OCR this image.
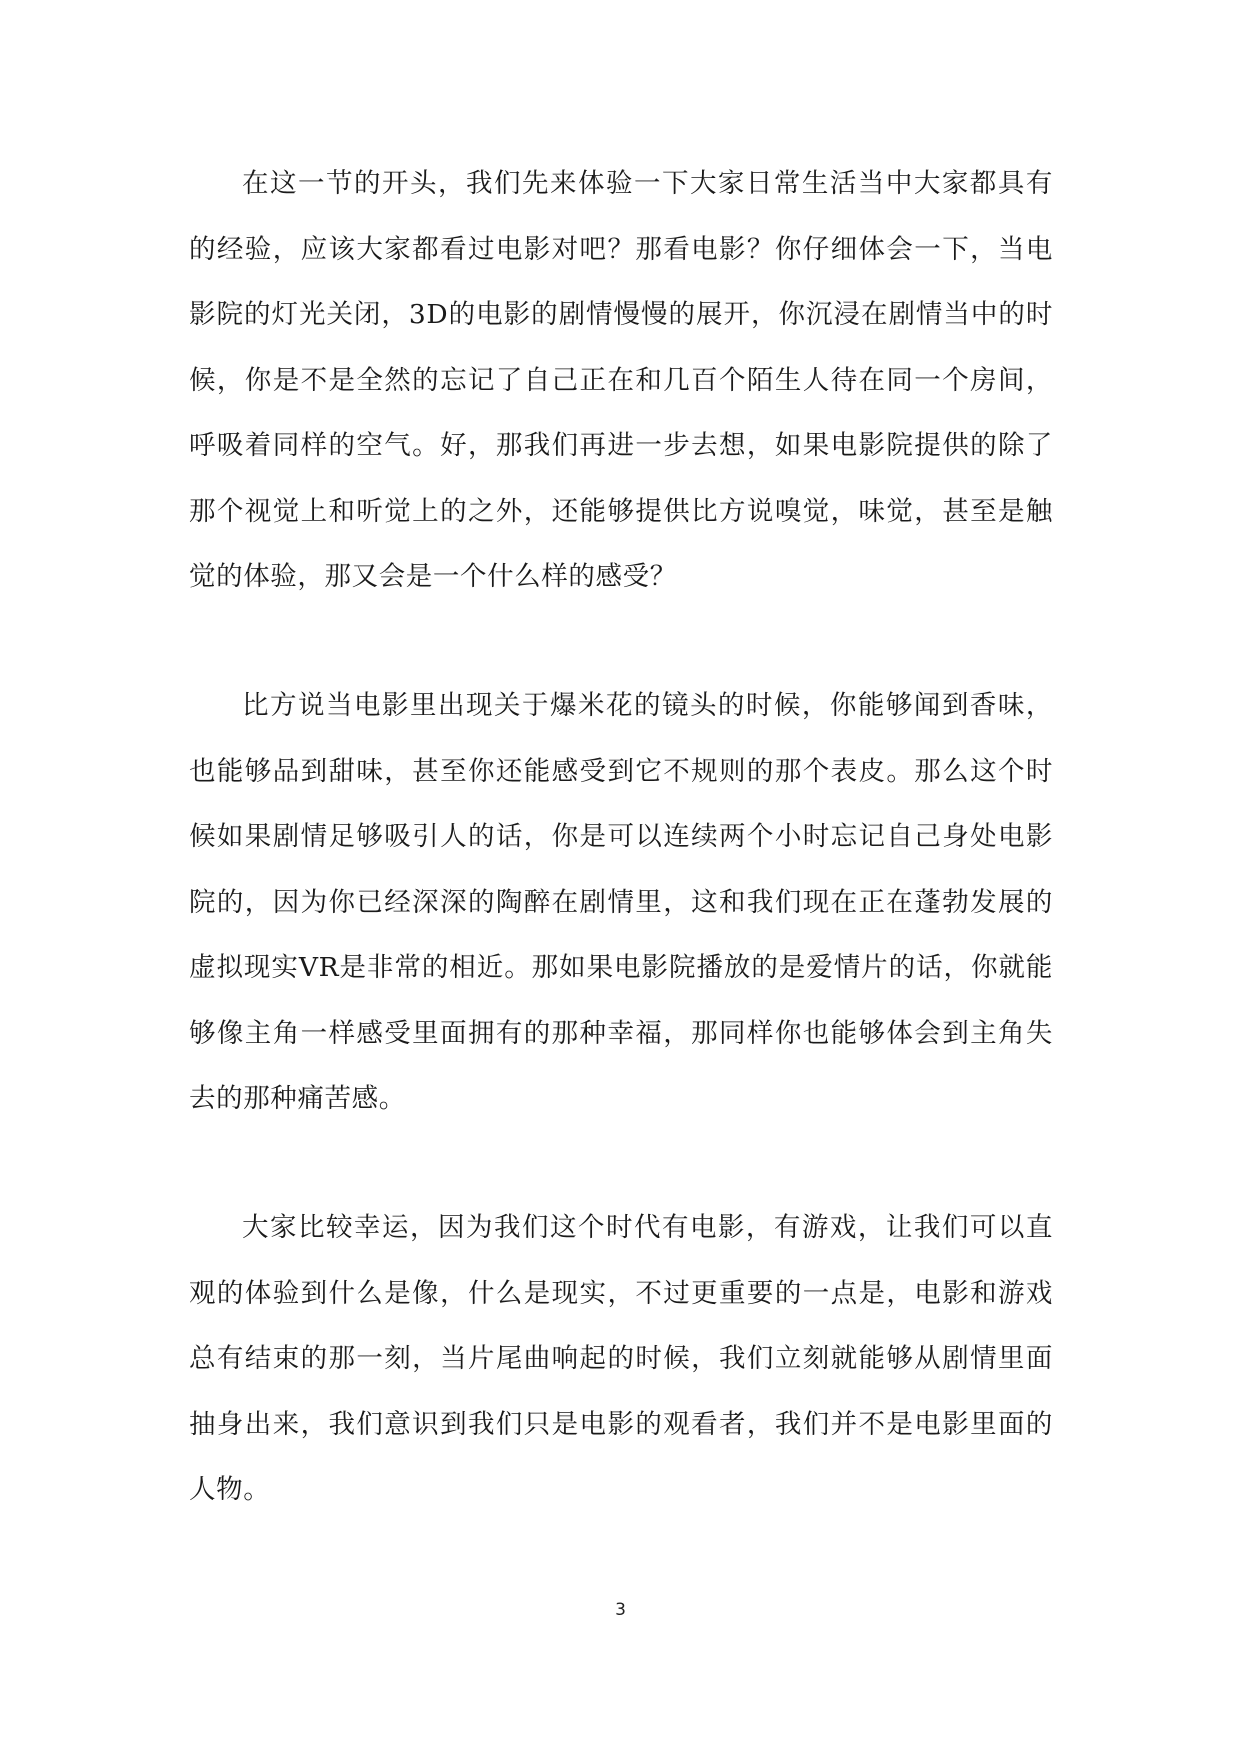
在这一节的开头，我们先来体验一下大家日常生活当中大家都具有的经验，应该大家都看过电影对吧？那看电影？你仔细体会一下，当电影院的灯光关闭，3D的电影的剧情慢慢的展开，你沉浸在剧情当中的时候，你是不是全然的忘记了自己正在和几百个陌生人待在同一个房间，呼吸着同样的空气。好，那我们再进一步去想，如果电影院提供的除了那个视觉上和听觉上的之外，还能够提供比方说嗅觉，味觉，甚至是触觉的体验，那又会是一个什么样的感受？

比方说当电影里出现关于爆米花的镜头的时候，你能够闻到香味，也能够品到甜味，甚至你还能感受到它不规则的那个表皮。那么这个时候如果剧情足够吸引人的话，你是可以连续两个小时忘记自己身处电影院的，因为你已经深深的陶醉在剧情里，这和我们现在正在蓬勃发展的虚拟现实VR是非常的相近。那如果电影院播放的是爱情片的话，你就能够像主角一样感受里面拥有的那种幸福，那同样你也能够体会到主角失去的那种痛苦感。

大家比较幸运，因为我们这个时代有电影，有游戏，让我们可以直观的体验到什么是像，什么是现实，不过更重要的一点是，电影和游戏总有结束的那一刻，当片尾曲响起的时候，我们立刻就能够从剧情里面抽身出来，我们意识到我们只是电影的观看者，我们并不是电影里面的人物。

3
